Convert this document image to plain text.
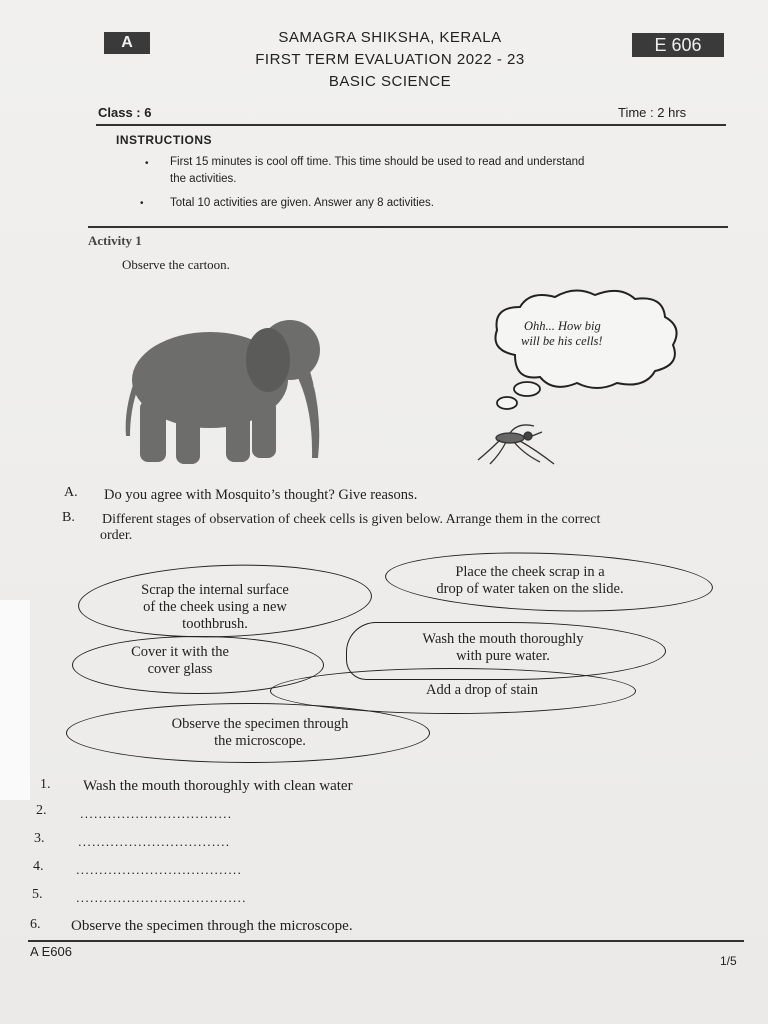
A	E 606
SAMAGRA SHIKSHA, KERALA
FIRST TERM EVALUATION 2022 - 23
BASIC SCIENCE
Class : 6	Time : 2 hrs
INSTRUCTIONS
• First 15 minutes is cool off time. This time should be used to read and understand
the activities.
• Total 10 activities are given. Answer any 8 activities.
Activity 1
Observe the cartoon.
Ohh... How big
will be his cells!
A. Do you agree with Mosquito’s thought? Give reasons.
B. Different stages of observation of cheek cells is given below. Arrange them in the correct
order.
Scrap the internal surface
of the cheek using a new
toothbrush.
Place the cheek scrap in a
drop of water taken on the slide.
Cover it with the
cover glass
Wash the mouth thoroughly
with pure water.
Add a drop of stain
Observe the specimen through
the microscope.
1. Wash the mouth thoroughly with clean water
2.	.................................
3.	.................................
4.	....................................
5.	.....................................
6. Observe the specimen through the microscope.
A E606
1/5
